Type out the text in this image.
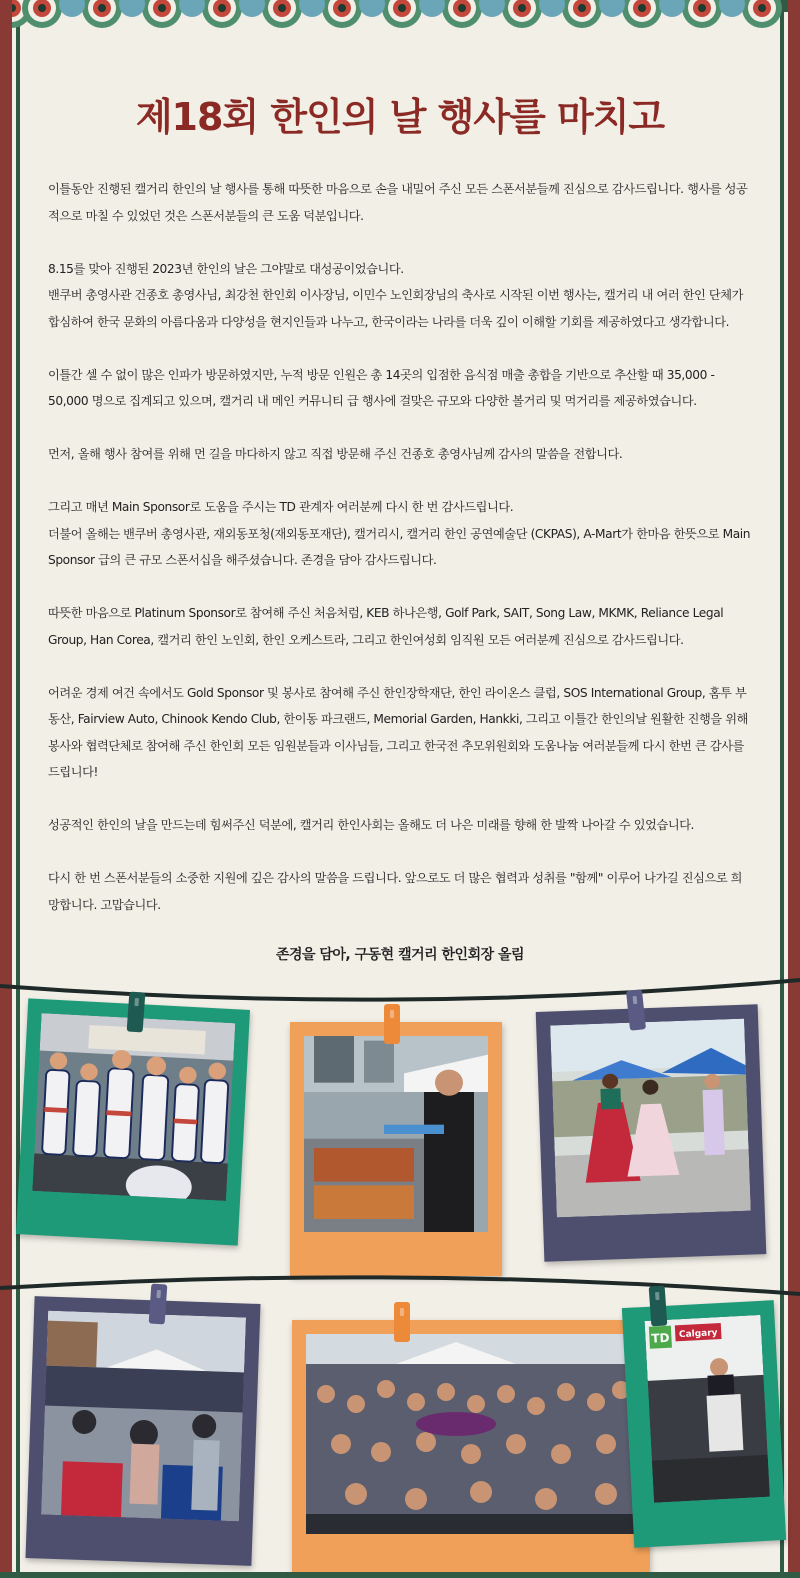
제18회 한인의 날 행사를 마치고

이틀동안 진행된 캘거리 한인의 날 행사를 통해 따뜻한 마음으로 손을 내밀어 주신 모든 스폰서분들께 진심으로 감사드립니다. 행사를 성공적으로 마칠 수 있었던 것은 스폰서분들의 큰 도움 덕분입니다.

8.15를 맞아 진행된 2023년 한인의 날은 그야말로 대성공이었습니다.
밴쿠버 총영사관 건종호 총영사님, 최강천 한인회 이사장님, 이민수 노인회장님의 축사로 시작된 이번 행사는, 캘거리 내 여러 한인 단체가 합심하여 한국 문화의 아름다움과 다양성을 현지인들과 나누고, 한국이라는 나라를 더욱 깊이 이해할 기회를 제공하였다고 생각합니다.

이틀간 셀 수 없이 많은 인파가 방문하였지만, 누적 방문 인원은 총 14곳의 입점한 음식점 매출 총합을 기반으로 추산할 때 35,000 - 50,000 명으로 집계되고 있으며, 캘거리 내 메인 커뮤니티 급 행사에 걸맞은 규모와 다양한 볼거리 및 먹거리를 제공하였습니다.

먼저, 올해 행사 참여를 위해 먼 길을 마다하지 않고 직접 방문해 주신 건종호 총영사님께 감사의 말씀을 전합니다.

그리고 매년 Main Sponsor로 도움을 주시는 TD 관계자 여러분께 다시 한 번 감사드립니다.
더불어 올해는 밴쿠버 총영사관, 재외동포청(재외동포재단), 캘거리시, 캘거리 한인 공연예술단 (CKPAS), A-Mart가 한마음 한뜻으로 Main Sponsor 급의 큰 규모 스폰서십을 해주셨습니다. 존경을 담아 감사드립니다.

따뜻한 마음으로 Platinum Sponsor로 참여해 주신 처음처럼, KEB 하나은행, Golf Park, SAIT, Song Law, MKMK, Reliance Legal Group, Han Corea, 캘거리 한인 노인회, 한인 오케스트라, 그리고 한인여성회 임직원 모든 여러분께 진심으로 감사드립니다.

어려운 경제 여건 속에서도 Gold Sponsor 및 봉사로 참여해 주신 한인장학재단, 한인 라이온스 클럽, SOS International Group, 홈투 부동산, Fairview Auto, Chinook Kendo Club, 한이동 파크랜드, Memorial Garden, Hankki, 그리고 이틀간 한인의날 원활한 진행을 위해 봉사와 협력단체로 참여해 주신 한인회 모든 임원분들과 이사님들, 그리고 한국전 추모위원회와 도움나눔 여러분들께 다시 한번 큰 감사를 드립니다!

성공적인 한인의 날을 만드는데 힘써주신 덕분에, 캘거리 한인사회는 올해도 더 나은 미래를 향해 한 발짝 나아갈 수 있었습니다.

다시 한 번 스폰서분들의 소중한 지원에 깊은 감사의 말씀을 드립니다. 앞으로도 더 많은 협력과 성취를 "함께" 이루어 나가길 진심으로 희망합니다. 고맙습니다.

존경을 담아, 구동현 캘거리 한인회장 올림
TD Calgary
